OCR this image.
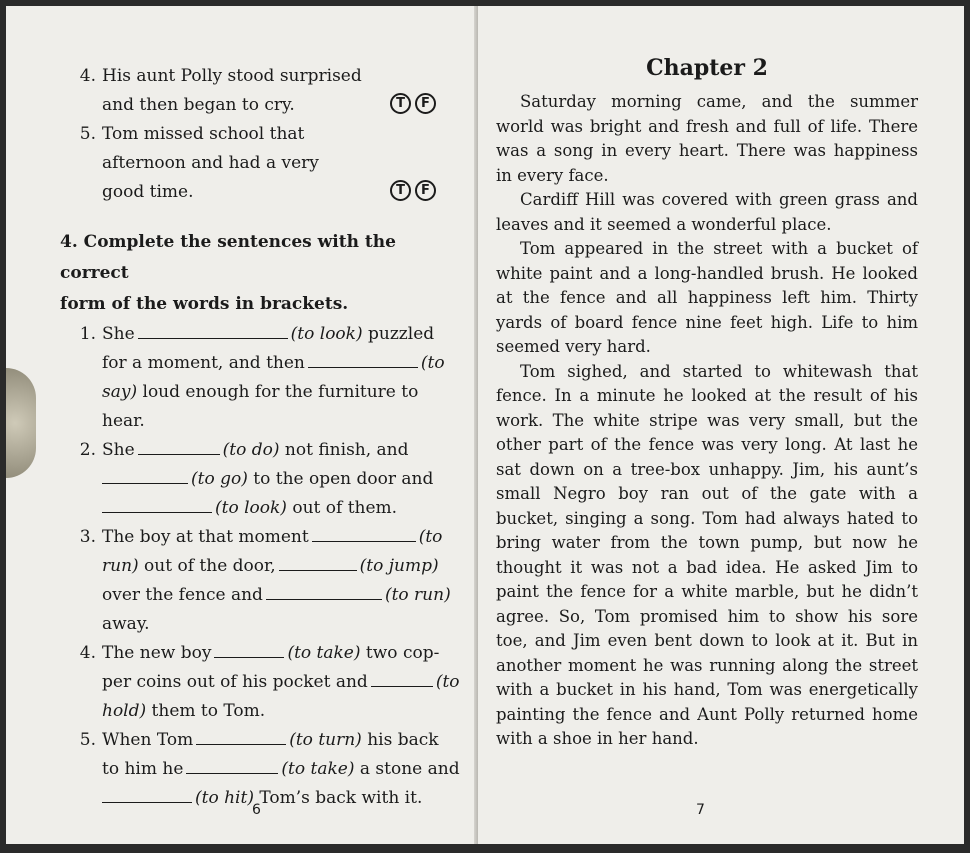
4. His aunt Polly stood surprised
and then began to cry.	T	F
5. Tom missed school that
afternoon and had a very
good time.	T	F
4. Complete the sentences with the correct
form of the words in brackets.
1. She	(to look) puzzled
for a moment, and then	(to
say) loud enough for the furniture to
hear.
2. She	(to do) not finish, and
(to go) to the open door and
(to look) out of them.
3. The boy at that moment	(to
run) out of the door,	(to jump)
over the fence and	(to run)
away.
4. The new boy	(to take) two cop-
per coins out of his pocket and	(to
hold) them to Tom.
5. When Tom	(to turn) his back
to him he	(to take) a stone and
(to hit) Tom’s back with it.
6
Chapter 2

Saturday morning came, and the summer world was bright and fresh and full of life. There was a song in every heart. There was happiness in every face.

Cardiff Hill was covered with green grass and leaves and it seemed a wonderful place.

Tom appeared in the street with a bucket of white paint and a long-handled brush. He looked at the fence and all happiness left him. Thirty yards of board fence nine feet high. Life to him seemed very hard.

Tom sighed, and started to whitewash that fence. In a minute he looked at the result of his work. The white stripe was very small, but the other part of the fence was very long. At last he sat down on a tree-box unhappy. Jim, his aunt’s small Negro boy ran out of the gate with a bucket, singing a song. Tom had always hated to bring water from the town pump, but now he thought it was not a bad idea. He asked Jim to paint the fence for a white marble, but he didn’t agree. So, Tom promised him to show his sore toe, and Jim even bent down to look at it. But in another moment he was running along the street with a bucket in his hand, Tom was energetically painting the fence and Aunt Polly returned home with a shoe in her hand.

7
